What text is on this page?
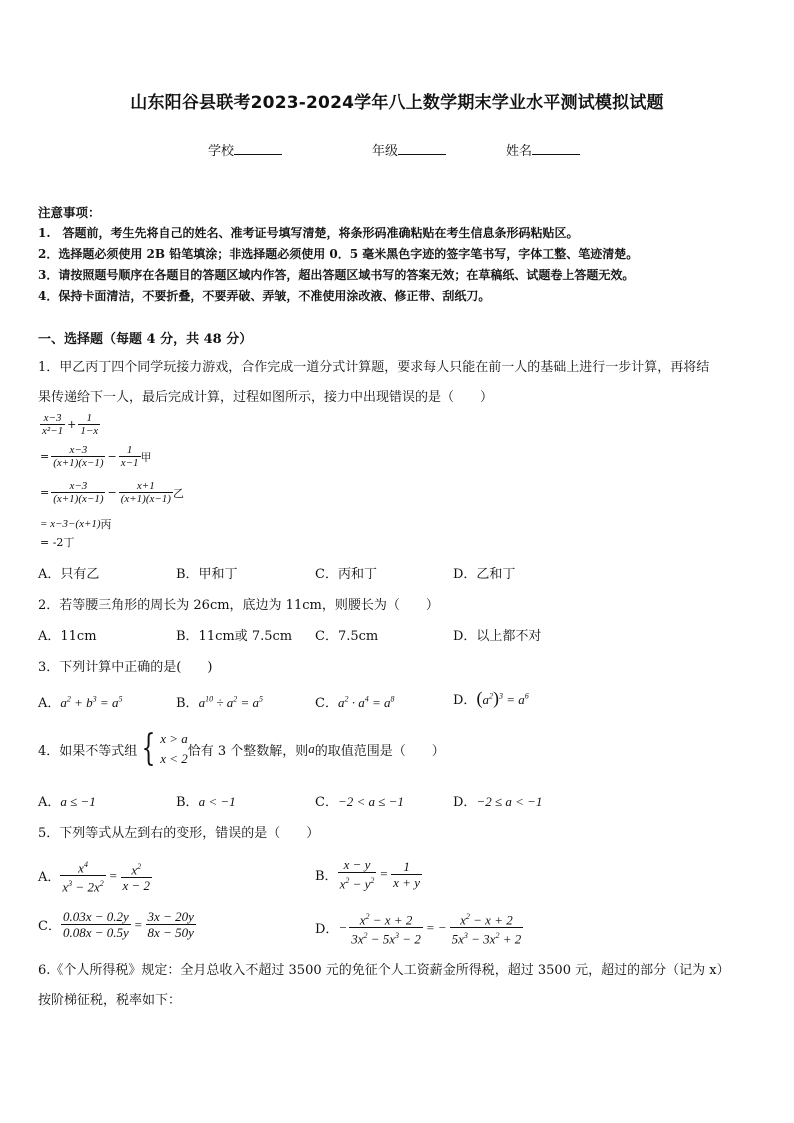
山东阳谷县联考2023-2024学年八上数学期末学业水平测试模拟试题
学校	年级	姓名
注意事项：
1.　答题前，考生先将自己的姓名、准考证号填写清楚，将条形码准确粘贴在考生信息条形码粘贴区。
2．选择题必须使用 2B 铅笔填涂；非选择题必须使用 0．5 毫米黑色字迹的签字笔书写，字体工整、笔迹清楚。
3．请按照题号顺序在各题目的答题区域内作答，超出答题区域书写的答案无效；在草稿纸、试题卷上答题无效。
4．保持卡面清洁，不要折叠，不要弄破、弄皱，不准使用涂改液、修正带、刮纸刀。
一、选择题（每题 4 分，共 48 分）
1．甲乙丙丁四个同学玩接力游戏，合作完成一道分式计算题，要求每人只能在前一人的基础上进行一步计算，再将结
果传递给下一人，最后完成计算，过程如图所示，接力中出现错误的是（　　）
$\frac{x-3}{\text{x²−1}} + \frac{1}{1-x}$
= $\frac{x-3}{(x+1)(x-1)} - \frac{1}{x-1}$ 甲
= $\frac{x-3}{(x+1)(x-1)} - \frac{x+1}{(x+1)(x-1)}$ 乙
= x−3−(x+1) 丙
= -2 丁
A．只有乙	B．甲和丁	C．丙和丁	D．乙和丁
2．若等腰三角形的周长为 26cm，底边为 11cm，则腰长为（　　）
A．11cm	B．11cm或 7.5cm C．7.5cm	D．以上都不对
3．下列计算中正确的是(　　)
A．$a^2 + b^3 = a^5$	B．$a^{10} \div a^2 = a^5$	C．$a^2 \cdot a^4 = a^8$	D．$(a^2)^3 = a^6$
4．如果不等式组 { x > a
x < 2 恰有 3 个整数解，则 a 的取值范围是（　　）
A．a ≤ −1	B．a < −1	C．−2 < a ≤ −1	D．−2 ≤ a < −1
5．下列等式从左到右的变形，错误的是（　　）
A． $\frac{x^4}{x^3 - 2x^2} = \frac{x^2}{x - 2}$	B． $\frac{x - y}{x^2 - y^2} = \frac{1}{x + y}$
C． $\frac{0.03x - 0.2y}{0.08x - 0.5y} = \frac{3x - 20y}{8x - 50y}$	D． − $\frac{x^2 - x + 2}{3x^2 - 5x^3 - 2}$ = − $\frac{x^2 - x + 2}{5x^3 - 3x^2 + 2}$
6.《个人所得税》规定：全月总收入不超过 3500 元的免征个人工资薪金所得税，超过 3500 元，超过的部分（记为 x）
按阶梯征税，税率如下：
